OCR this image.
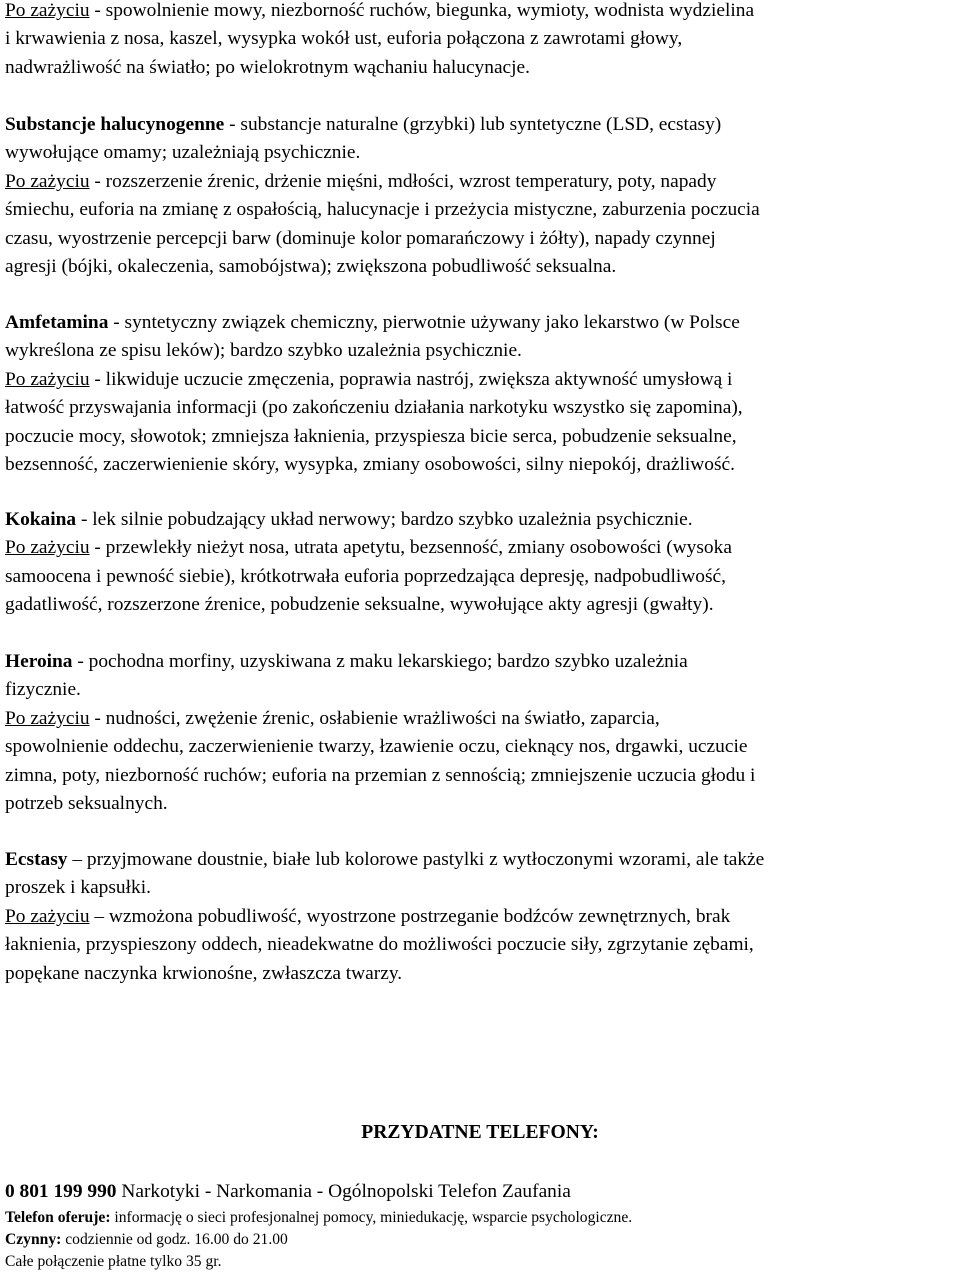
Po zażyciu - spowolnienie mowy, niezborność ruchów, biegunka, wymioty, wodnista wydzielina
i krwawienia z nosa, kaszel, wysypka wokół ust, euforia połączona z zawrotami głowy,
nadwrażliwość na światło; po wielokrotnym wąchaniu halucynacje.
Substancje halucynogenne - substancje naturalne (grzybki) lub syntetyczne (LSD, ecstasy)
wywołujące omamy; uzależniają psychicznie.
Po zażyciu - rozszerzenie źrenic, drżenie mięśni, mdłości, wzrost temperatury, poty, napady
śmiechu, euforia na zmianę z ospałością, halucynacje i przeżycia mistyczne, zaburzenia poczucia
czasu, wyostrzenie percepcji barw (dominuje kolor pomarańczowy i żółty), napady czynnej
agresji (bójki, okaleczenia, samobójstwa); zwiększona pobudliwość seksualna.
Amfetamina - syntetyczny związek chemiczny, pierwotnie używany jako lekarstwo (w Polsce
wykreślona ze spisu leków); bardzo szybko uzależnia psychicznie.
Po zażyciu - likwiduje uczucie zmęczenia, poprawia nastrój, zwiększa aktywność umysłową i
łatwość przyswajania informacji (po zakończeniu działania narkotyku wszystko się zapomina),
poczucie mocy, słowotok; zmniejsza łaknienia, przyspiesza bicie serca, pobudzenie seksualne,
bezsenność, zaczerwienienie skóry, wysypka, zmiany osobowości, silny niepokój, drażliwość.
Kokaina - lek silnie pobudzający układ nerwowy; bardzo szybko uzależnia psychicznie.
Po zażyciu - przewlekły nieżyt nosa, utrata apetytu, bezsenność, zmiany osobowości (wysoka
samoocena i pewność siebie), krótkotrwała euforia poprzedzająca depresję, nadpobudliwość,
gadatliwość, rozszerzone źrenice, pobudzenie seksualne, wywołujące akty agresji (gwałty).
Heroina - pochodna morfiny, uzyskiwana z maku lekarskiego; bardzo szybko uzależnia
fizycznie.
Po zażyciu - nudności, zwężenie źrenic, osłabienie wrażliwości na światło, zaparcia,
spowolnienie oddechu, zaczerwienienie twarzy, łzawienie oczu, cieknący nos, drgawki, uczucie
zimna, poty, niezborność ruchów; euforia na przemian z sennością; zmniejszenie uczucia głodu i
potrzeb seksualnych.
Ecstasy – przyjmowane doustnie, białe lub kolorowe pastylki z wytłoczonymi wzorami, ale także
proszek i kapsułki.
Po zażyciu – wzmożona pobudliwość, wyostrzone postrzeganie bodźców zewnętrznych, brak
łaknienia, przyspieszony oddech, nieadekwatne do możliwości poczucie siły, zgrzytanie zębami,
popękane naczynka krwionośne, zwłaszcza twarzy.
PRZYDATNE TELEFONY:
0 801 199 990 Narkotyki - Narkomania - Ogólnopolski Telefon Zaufania
Telefon oferuje: informację o sieci profesjonalnej pomocy, miniedukację, wsparcie psychologiczne.
Czynny: codziennie od godz. 16.00 do 21.00
Całe połączenie płatne tylko 35 gr.
